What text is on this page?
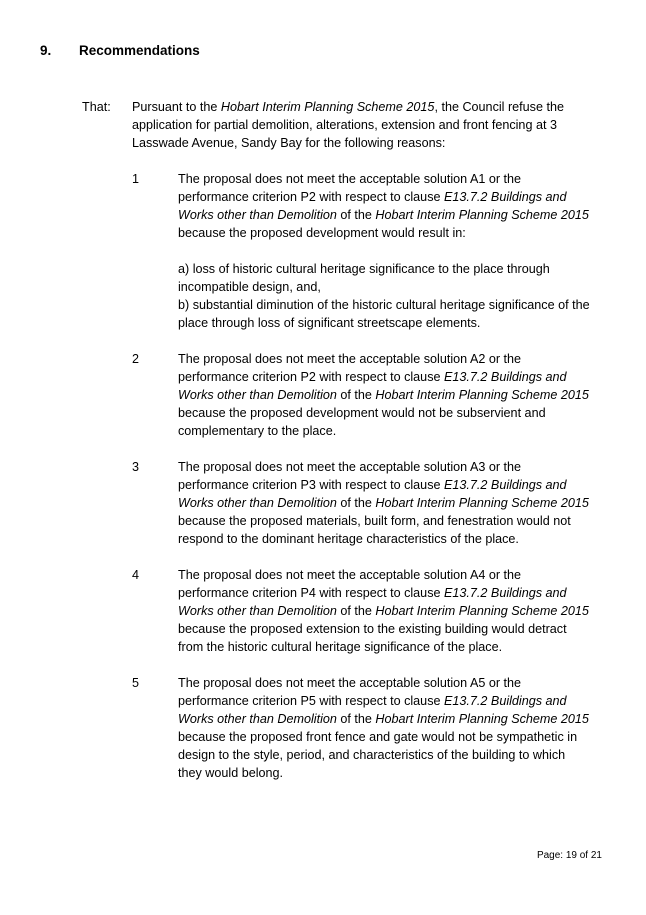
9.	Recommendations
That: Pursuant to the Hobart Interim Planning Scheme 2015, the Council refuse the application for partial demolition, alterations, extension and front fencing at 3 Lasswade Avenue, Sandy Bay for the following reasons:
1	The proposal does not meet the acceptable solution A1 or the performance criterion P2 with respect to clause E13.7.2 Buildings and Works other than Demolition of the Hobart Interim Planning Scheme 2015 because the proposed development would result in:

a) loss of historic cultural heritage significance to the place through incompatible design, and,

b) substantial diminution of the historic cultural heritage significance of the place through loss of significant streetscape elements.

2	The proposal does not meet the acceptable solution A2 or the performance criterion P2 with respect to clause E13.7.2 Buildings and Works other than Demolition of the Hobart Interim Planning Scheme 2015 because the proposed development would not be subservient and complementary to the place.

3	The proposal does not meet the acceptable solution A3 or the performance criterion P3 with respect to clause E13.7.2 Buildings and Works other than Demolition of the Hobart Interim Planning Scheme 2015 because the proposed materials, built form, and fenestration would not respond to the dominant heritage characteristics of the place.

4	The proposal does not meet the acceptable solution A4 or the performance criterion P4 with respect to clause E13.7.2 Buildings and Works other than Demolition of the Hobart Interim Planning Scheme 2015 because the proposed extension to the existing building would detract from the historic cultural heritage significance of the place.

5	The proposal does not meet the acceptable solution A5 or the performance criterion P5 with respect to clause E13.7.2 Buildings and Works other than Demolition of the Hobart Interim Planning Scheme 2015 because the proposed front fence and gate would not be sympathetic in design to the style, period, and characteristics of the building to which they would belong.

Page: 19 of 21
